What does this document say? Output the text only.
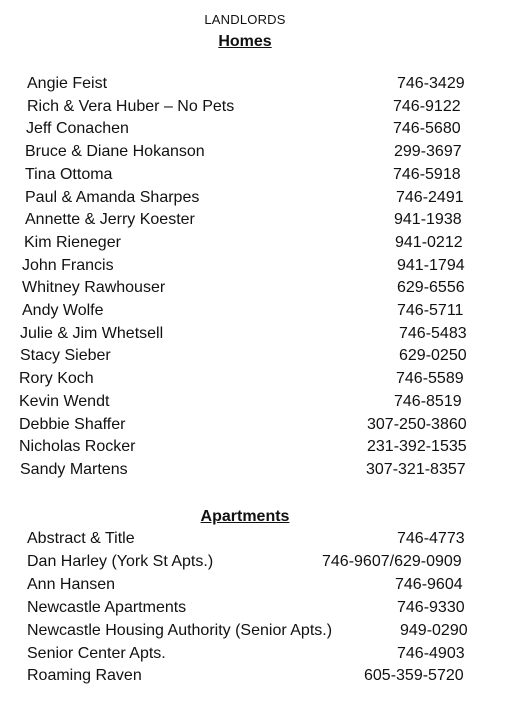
LANDLORDS
Homes
Angie Feist	746-3429
Rich & Vera Huber – No Pets	746-9122
Jeff Conachen	746-5680
Bruce & Diane Hokanson	299-3697
Tina Ottoma	746-5918
Paul & Amanda Sharpes	746-2491
Annette & Jerry Koester	941-1938
Kim Rieneger	941-0212
John Francis	941-1794
Whitney Rawhouser	629-6556
Andy Wolfe	746-5711
Julie & Jim Whetsell	746-5483
Stacy Sieber	629-0250
Rory Koch	746-5589
Kevin Wendt	746-8519
Debbie Shaffer	307-250-3860
Nicholas Rocker	231-392-1535
Sandy Martens	307-321-8357
Apartments
Abstract & Title	746-4773
Dan Harley (York St Apts.)	746-9607/629-0909
Ann Hansen	746-9604
Newcastle Apartments	746-9330
Newcastle Housing Authority (Senior Apts.)	949-0290
Senior Center Apts.	746-4903
Roaming Raven	605-359-5720
